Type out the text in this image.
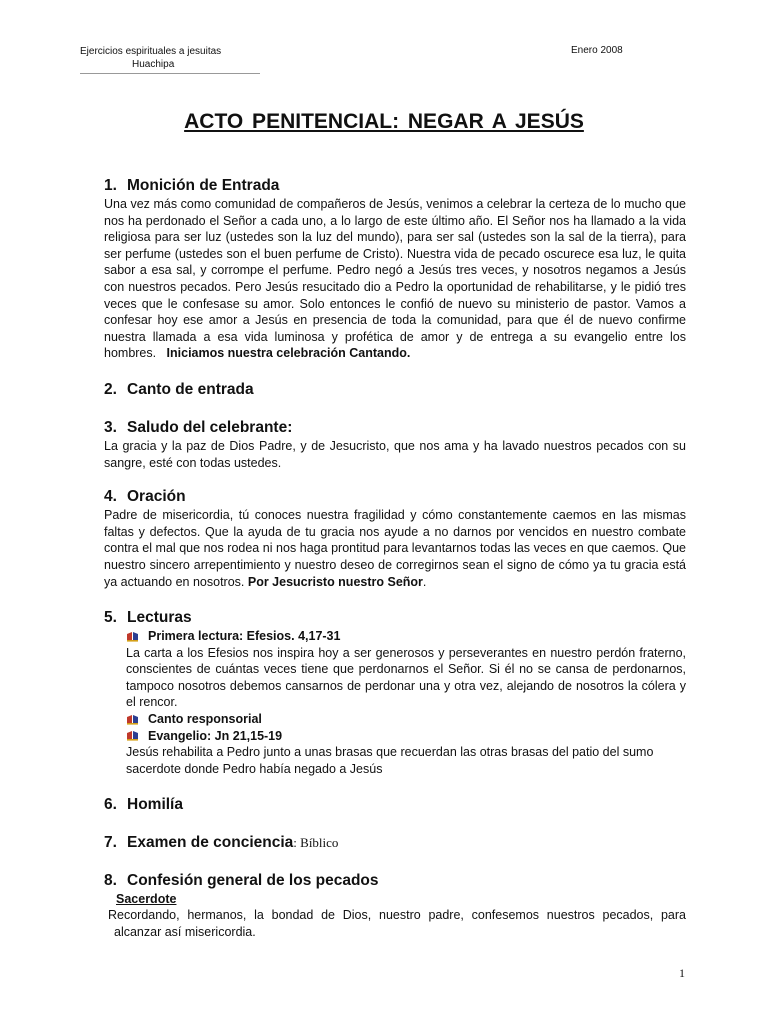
Ejercicios espirituales a jesuitas
Huachipa
Enero 2008
ACTO PENITENCIAL: NEGAR A JESÚS
1. Monición de Entrada

Una vez más como comunidad de compañeros de Jesús, venimos a celebrar la certeza de lo mucho que nos ha perdonado el Señor a cada uno, a lo largo de este último año. El Señor nos ha llamado a la vida religiosa para ser luz (ustedes son la luz del mundo), para ser sal (ustedes son la sal de la tierra), para ser perfume (ustedes son el buen perfume de Cristo). Nuestra vida de pecado oscurece esa luz, le quita sabor a esa sal, y corrompe el perfume. Pedro negó a Jesús tres veces, y nosotros negamos a Jesús con nuestros pecados. Pero Jesús resucitado dio a Pedro la oportunidad de rehabilitarse, y le pidió tres veces que le confesase su amor. Solo entonces le confió de nuevo su ministerio de pastor. Vamos a confesar hoy ese amor a Jesús en presencia de toda la comunidad, para que él de nuevo confirme nuestra llamada a esa vida luminosa y profética de amor y de entrega a su evangelio entre los hombres. Iniciamos nuestra celebración Cantando.

2. Canto de entrada
3. Saludo del celebrante:

La gracia y la paz de Dios Padre, y de Jesucristo, que nos ama y ha lavado nuestros pecados con su sangre, esté con todas ustedes.

4. Oración

Padre de misericordia, tú conoces nuestra fragilidad y cómo constantemente caemos en las mismas faltas y defectos. Que la ayuda de tu gracia nos ayude a no darnos por vencidos en nuestro combate contra el mal que nos rodea ni nos haga prontitud para levantarnos todas las veces en que caemos. Que nuestro sincero arrepentimiento y nuestro deseo de corregirnos sean el signo de cómo ya tu gracia está ya actuando en nosotros. Por Jesucristo nuestro Señor.

5. Lecturas
Primera lectura: Efesios. 4,17-31

La carta a los Efesios nos inspira hoy a ser generosos y perseverantes en nuestro perdón fraterno, conscientes de cuántas veces tiene que perdonarnos el Señor. Si él no se cansa de perdonarnos, tampoco nosotros debemos cansarnos de perdonar una y otra vez, alejando de nosotros la cólera y el rencor.

Canto responsorial
Evangelio: Jn 21,15-19

Jesús rehabilita a Pedro junto a unas brasas que recuerdan las otras brasas del patio del sumo sacerdote donde Pedro había negado a Jesús

6. Homilía
7. Examen de conciencia : Bíblico
8. Confesión general de los pecados
Sacerdote

Recordando, hermanos, la bondad de Dios, nuestro padre, confesemos nuestros pecados, para alcanzar así misericordia.

1
